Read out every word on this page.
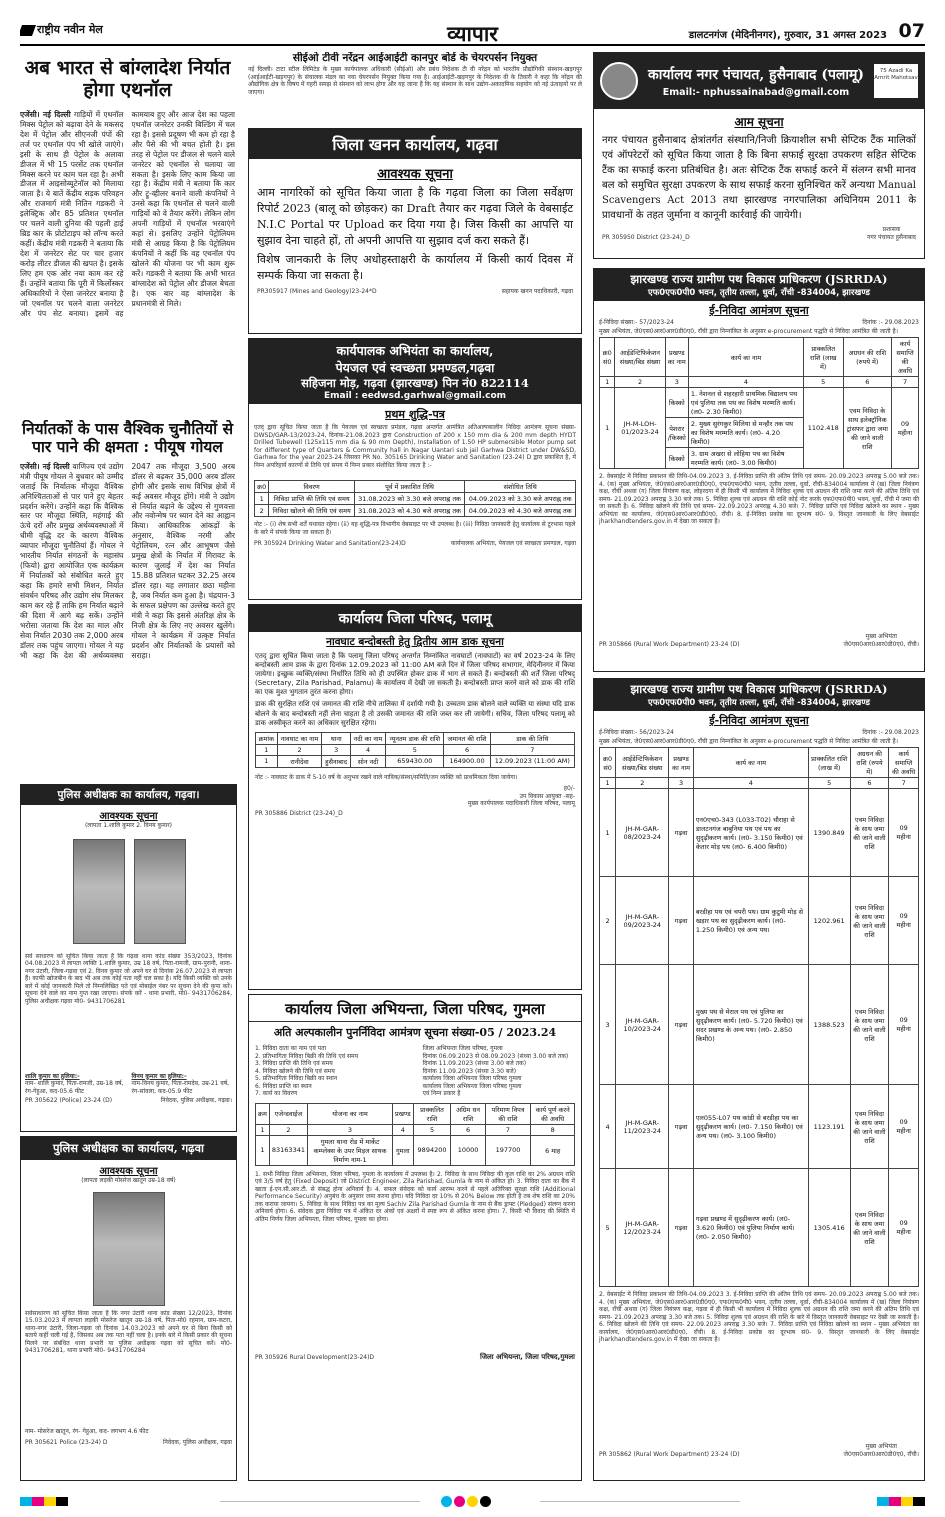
राष्ट्रीय नवीन मेल	व्यापार	डालटनगंज (मेदिनीनगर), गुरुवार, 31 अगस्त 2023 07
अब भारत से बांग्लादेश निर्यात होगा एथनॉल
एजेंसी। नई दिल्ली गाड़ियों में एथनॉल मिक्स पेट्रोल को बढ़ावा देने के मकसद देश में पेट्रोल और सीएनजी पंपों की तर्ज पर एथनॉल पंप भी खोले जाएंगे। इसी के साथ ही पेट्रोल के अलावा डीजल में भी 15 परसेंट तक एथनॉल मिक्स करने पर काम चल रहा है। अभी डीजल में आइसोब्यूटेनॉल को मिलाया जाता है। ये बातें केंद्रीय सड़क परिवहन और राजमार्ग मंत्री नितिन गडकरी ने इलेक्ट्रिक और 85 प्रतिशत एथनॉल पर चलने वाली दुनिया की पहली हाई ब्रिड कार के प्रोटोटाइप को लॉन्च करते कहीं। केंद्रीय मंत्री गडकरी ने बताया कि देश में जनरेटर सेट पर चार हजार करोड़ लीटर डीजल की खपत है। इसके लिए हम एक ओर नया काम कर रहे हैं। उन्होंने बताया कि पूरी में किर्लोस्कर अधिकारियों ने ऐसा जनरेटर बनाया है जो एथनॉल पर चलने वाला जनरेटर और पंप सेट बनाया। इसमें वह कामयाब हुए और आज देश का पहला एथनॉल जनरेटर उनकी बिल्डिंग में चल रहा है। इससे प्रदूषण भी कम हो रहा है और पैसे की भी बचत होती है। इस तरह से पेट्रोल पर डीजल से चलने वाले जनरेटर को एथनॉल से चलाया जा सकता है। इसके लिए काम किया जा रहा है। केंद्रीय मंत्री ने बताया कि कार और ट्रू-व्हीलर बनाने वाली कंपनियों ने उनसे कहा कि एथनॉल से चलने वाली गाड़ियों को वे तैयार करेंगे। लेकिन लोग अपनी गाड़ियों में एथनॉल भरवाएंगे कहां से। इसलिए उन्होंने पेट्रोलियम मंत्री से आग्रह किया है कि पेट्रोलियम कंपनियों ने कहीं कि वह एथनॉल पंप खोलने की योजना पर भी काम शुरू करें। गडकरी ने बताया कि अभी भारत बांग्लादेश को पेट्रोल और डीजल बेचता है। एक बार वह बांग्लादेश के प्रधानमंत्री से मिले।
निर्यातकों के पास वैश्विक चुनौतियों से पार पाने की क्षमता : पीयूष गोयल
एजेंसी। नई दिल्ली वाणिज्य एवं उद्योग मंत्री पीयूष गोयल ने बुधवार को उम्मीद जताई कि निर्यातक मौजूदा वैश्विक अनिश्चितताओं से पार पाने हुए बेहतर प्रदर्शन करेंगे। उन्होंने कहा कि वैश्विक स्तर पर मौजूदा स्थिति, महंगाई की ऊंचे दरों और प्रमुख अर्थव्यवस्थाओं में धीमी वृद्धि दर के कारण वैश्विक व्यापार मौजूदा चुनौतियां हैं। गोयल ने भारतीय निर्यात संगठनों के महासंघ (फियो) द्वारा आयोजित एक कार्यक्रम में निर्यातकों को संबोधित करते हुए कहा कि हमारे सभी मिशन, निर्यात संवर्धन परिषद और उद्योग संघ मिलकर काम कर रहे हैं ताकि हम निर्यात बढ़ाने की दिशा में आगे बढ़ सकें। उन्होंने भरोसा जताया कि देश का माल और सेवा निर्यात 2030 तक 2,000 अरब डॉलर तक पहुंच जाएगा। गोयल ने यह भी कहा कि देश की अर्थव्यवस्था 2047 तक मौजूदा 3,500 अरब डॉलर से बढ़कर 35,000 अरब डॉलर होगी और इसके साथ विभिन्न क्षेत्रों में कई अवसर मौजूद होंगे। मंत्री ने उद्योग से निर्यात बढ़ाने के उद्देश्य से गुणवत्ता और नवोन्मेष पर ध्यान देने का आह्वान किया। आधिकारिक आंकड़ों के अनुसार, वैश्विक नरमी और पेट्रोलियम, रत्न और आभूषण जैसे प्रमुख क्षेत्रों के निर्यात में गिरावट के कारण जुलाई में देश का निर्यात 15.88 प्रतिशत घटकर 32.25 अरब डॉलर रहा। यह लगातार छठा महीना है, जब निर्यात कम हुआ है। चंद्रयान-3 के सफल प्रक्षेपण का उल्लेख करते हुए मंत्री ने कहा कि इससे अंतरिक्ष क्षेत्र के निजी क्षेत्र के लिए नए अवसर खुलेंगे। गोयल ने कार्यक्रम में उत्कृष्ट निर्यात प्रदर्शन और निर्यातकों के प्रयासों को सराहा।
पुलिस अधीक्षक का कार्यालय, गढ़वा।
आवश्यक सूचना
(लापता 1.शालि कुमार 2. विनय कुमार)
सर्व साधारण को सूचित किया जाता है कि गढ़वा थाना कांड संख्या 353/2023, दिनांक 04.08.2023 में लापता व्यक्ति 1.शालि कुमार, उम्र 18 वर्ष, पिता-रामजी, ग्राम-पुरानी, थाना-नगर उंटारी, जिला-गढ़वा एवं 2. विनय कुमार जो अपने घर से दिनांक 26.07.2023 से लापता हैं। काफी खोजबीन के बाद भी अब तक कोई पता नहीं चल सका है। यदि किसी व्यक्ति को उनके बारे में कोई जानकारी मिले तो निम्नलिखित पते एवं मोबाईल नंबर पर सूचना देने की कृपा करें। सूचना देने वाले का नाम गुप्त रखा जाएगा। संपर्क करें - थाना प्रभारी, मो0- 9431706284, पुलिस अधीक्षक गढ़वा मो0- 9431706281
शालि कुमार का हुलिया:-
नाम- शालि कुमार, पिता-रामजी, उम्र-18 वर्ष, रंग-गेहुआ, कद-05.6 फीट
विनय कुमार का हुलिया:-
नाम-विनय कुमार, पिता-रामदेव, उम्र-21 वर्ष, रंग-सांवला, कद-05.9 फीट
PR 305622 (Police) 23-24 (D)	निवेदक, पुलिस अधीक्षक, गढ़वा।
पुलिस अधीक्षक का कार्यालय, गढ़वा
आवश्यक सूचना
(लापता लड़की मोसरेज खातून उम्र-18 वर्ष)
सर्वसाधारण को सूचित किया जाता है कि नगर उंटारी थाना कांड संख्या 12/2023, दिनांक 15.03.2023 में लापता लड़की मोसरेज खातून उम्र-18 वर्ष, पिता-मो0 रहमान, ग्राम-कटरा, थाना-नगर उंटारी, जिला-गढ़वा जो दिनांक 14.03.2023 को अपने घर से बिना किसी को बताये कहीं चली गई है, जिसका अब तक पता नहीं चला है। इनके बारे में किसी प्रकार की सूचना मिलने पर संबंधित थाना प्रभारी या पुलिस अधीक्षक गढ़वा को सूचित करें। मो0- 9431706281, थाना प्रभारी मो0- 9431706284
नाम- मोसरेज खातून, रंग- गेहुआ, कद- लगभग 4.6 फीट
PR 305621 Police (23-24) D	निवेदक, पुलिस अधीक्षक, गढ़वा
सीईओ टीवी नरेंद्रन आईआईटी कानपुर बोर्ड के चेयरपर्सन नियुक्त
नई दिल्ली। टाटा स्टील लिमिटेड के मुख्य कार्यपालक अधिकारी (सीईओ) और प्रबंध निदेशक टी वी नरेंद्रन को भारतीय प्रौद्योगिकी संस्थान-खड़गपुर (आईआईटी-खड़गपुर) के संचालक मंडल का नया चेयरपर्सन नियुक्त किया गया है। आईआईटी-खड़गपुर के निदेशक वी के तिवारी ने कहा कि नरेंद्रन की औद्योगिक क्षेत्र के विषय में गहरी समझ से संस्थान को लाभ होगा और यह जाना हैं कि यह संस्थान के साथ उद्योग-अकादमिक सहयोग को नई ऊंचाइयों पर ले जाएगा।
जिला खनन कार्यालय, गढ़वा
आवश्यक सूचना
आम नागरिकों को सूचित किया जाता है कि गढ़वा जिला का जिला सर्वेक्षण रिपोर्ट 2023 (बालू को छोड़कर) का Draft तैयार कर गढ़वा जिले के वेबसाईट N.I.C Portal पर Upload कर दिया गया है। जिस किसी का आपत्ति या सुझाव देना चाहते हों, तो अपनी आपत्ति या सुझाव दर्ज करा सकते हैं।
विशेष जानकारी के लिए अधोहस्ताक्षरी के कार्यालय में किसी कार्य दिवस में सम्पर्क किया जा सकता है।
PR305917 (Mines and Geology)23-24*D	सहायक खनन पदाधिकारी, गढ़वा
कार्यपालक अभियंता का कार्यालय,
पेयजल एवं स्वच्छता प्रमण्डल,गढ़वा
सहिजना मोड़, गढ़वा (झारखण्ड) पिन नं0 822114
Email : eedwsd.garhwal@gmail.com
प्रथम शुद्धि-पत्र
एतद् द्वारा सूचित किया जाता है कि पेयजल एवं स्वच्छता प्रमंडल, गढ़वा अन्तर्गत आमंत्रित अतिअल्पकालीन निविदा आमंत्रण सूचना संख्या-DWSD/GAR-13/2023-24, दिनांक-21.08.2023 द्वारा Construction of 200 x 150 mm dia & 200 mm depth HYDT Drilled Tubewell (125x115 mm dia & 90 mm Depth), Installation of 1.50 HP submersible Motor pump set for different type of Quarters & Community hall in Nagar Uantari sub jail Garhwa District under DW&SD, Garhwa for the year 2023-24 जिसका PR No. 305165 Drinking Water and Sanitation (23-24) D द्वारा प्रकाशित है, में निम्न अपरिहार्य कारणों से तिथि एवं समय में निम्न प्रकार संशोधित किया जाता है :-
क्र0	विवरण	पूर्व में प्रकाशित तिथि	संशोधित तिथि
1	निविदा प्राप्ति की तिथि एवं समय	31.08.2023 को 3.30 बजे अपराह्न तक	04.09.2023 को 3.30 बजे अपराह्न तक
2	निविदा खोलने की तिथि एवं समय	31.08.2023 को 4.30 बजे अपराह्न तक	04.09.2023 को 4.30 बजे अपराह्न तक
नोट :- (i) शेष सभी शर्तें यथावत रहेगा। (ii) यह शुद्धि-पत्र विभागीय वेबसाइट पर भी उपलब्ध है। (iii) निविदा जानकारी हेतु कार्यालय से टूरभास पहले के बारे में संपर्क किया जा सकता है।
PR 305924 Drinking Water and Sanitation(23-24)D	कार्यपालक अभियंता, पेयजल एवं स्वच्छता प्रमण्डल, गढ़वा
कार्यालय जिला परिषद, पलामू
नावघाट बन्दोबस्ती हेतु द्वितीय आम डाक सूचना
एतद् द्वारा सूचित किया जाता है कि पलामू जिला परिषद् अन्तर्गत निम्नांकित नावघाटों (नावघाटों) का वर्ष 2023-24 के लिए बन्दोबस्ती आम डाक के द्वारा दिनांक 12.09.2023 को 11:00 AM बजे दिन में जिला परिषद सभागार, मेदिनीनगर में किया जायेगा। इच्छुक व्यक्ति/संस्था निर्धारित तिथि को ही उपस्थित होकर डाक में भाग ले सकते हैं। बन्दोबस्ती की शर्तें जिला परिषद् (Secretary, Zila Parishad, Palamu) के कार्यालय में देखी जा सकती है। बन्दोबस्ती प्राप्त करने वाले को डाक की राशि का एक मुश्त भुगतान तुरंत करना होगा।
डाक की सुरक्षित राशि एवं जमानत की राशि नीचे तालिका में दर्शायी गयी है। उच्चतम डाक बोलने वाले व्यक्ति या संस्था यदि डाक बोलने के बाद बन्दोबस्ती नहीं लेना चाहता है तो उसकी जमानत की राशि जब्त कर ली जायेगी। सचिव, जिला परिषद पलामू को डाक अस्वीकृत करने का अधिकार सुरक्षित रहेगा।
क्रमांक	नावघाट का नाम	थाना	नदी का नाम	न्यूनतम डाक की राशि	जमानत की राशि	डाक की तिथि
1	2	3	4	5	6	7
1	रानीदेवा	हुसैनाबाद	सोन नदी	659430.00	164900.00	12.09.2023 (11:00 AM)
नोट :- नावघाट के डाक में 5-10 वर्ष के अनुभव रखने वाले नाविक/संस्था/समिति/जन व्यक्ति को प्राथमिकता दिया जायेगा।
ह0/-
उप विकास आयुक्त -सह-
मुख्य कार्यपालक पदाधिकारी जिला परिषद, पलामू
PR 305886 District (23-24)_D
कार्यालय जिला अभियन्ता, जिला परिषद, गुमला
अति अल्पकालीन पुनर्निविदा आमंत्रण सूचना संख्या-05 / 2023.24
1. निविदा दाता का नाम एवं पता	जिला अभियन्ता जिला परिषद, गुमला
2. प्रतिभागिता निविदा बिक्री की तिथि एवं समय	दिनांक 06.09.2023 से 08.09.2023 (संध्या 3.00 बजे तक)
3. निविदा प्राप्ति की तिथि एवं समय	दिनांक 11.09.2023 (संध्या 3.00 बजे तक)
4. निविदा खोलने की तिथि एवं समय	दिनांक 11.09.2023 (संध्या 3.30 बजे)
5. प्रतिभागिता निविदा बिक्री का स्थान	कार्यालय जिला अभियन्ता जिला परिषद गुमला
6. निविदा प्राप्ति का स्थान	कार्यालय जिला अभियन्ता जिला परिषद गुमला
7. कार्य का विवरण	एवं निम्न प्रकार है
क्रम	एजेन्डवाईज	योजना का नाम	प्रखण्ड	प्राक्कलित राशि	अग्रिम धन राशि	परिमाण विपत्र की राशि	कार्य पूर्ण करने की अवधि
1	2	3	4	5	6	7	8
1	83163341	गुमला थाना रोड में मार्केट कम्प्लेक्स के उपर मिड़ल सायक निर्माण नाम-1	गुमला	9894200	10000	197700	6 माह
1. सभी निविदा जिला अभियन्ता, जिला परिषद, गुमला के कार्यालय में उपलब्ध है। 2. निविदा के साथ निविदा की कुल राशि का 2% अग्रधन राशि एवं 3/5 वर्ष हेतु (Fixed Deposit) जो District Engineer, Zila Parishad, Gumla के नाम से अंकित हो। 3. निविदा दाता का बैंक में खाता ई-एन.सी.आर.टी. से संबद्ध होना अनिवार्य है। 4. सफल संवेदक को कार्य आरम्भ करने से पहले अतिरिक्त सुरक्षा राशि (Additional Performance Security) अनुबंध के अनुसार जमा करना होगा। यदि निविदा दर 10% से 20% Below तक होती है तब शेष राशि का 20% तक कराया जायगा। 5. निविदा के साथ निविदा पत्र का मूल्य Sachiv Zila Parishad Gumla के नाम से बैंक ड्राफ्ट (Pledged) संलग्न करना अनिवार्य होगा। 6. संवेदक द्वारा निविदा पत्र में अंकित दर अंकों एवं अक्षरों में स्पष्ट रूप से अंकित करना होगा। 7. किसी भी विवाद की स्थिति में अंतिम निर्णय जिला अभियन्ता, जिला परिषद, गुमला का होगा।
PR 305926 Rural Development(23-24)D	जिला अभियन्ता, जिला परिषद,गुमला
कार्यालय नगर पंचायत, हुसैनाबाद (पलामू)
Email:- nphussainabad@gmail.com
75 Azadi Ka Amrit Mahotsav
आम सूचना
नगर पंचायत हुसैनाबाद क्षेत्रांतर्गत संस्थानि/निजी क्रियाशील सभी सेप्टिक टैंक मालिकों एवं ऑपरेटरों को सूचित किया जाता है कि बिना सफाई सुरक्षा उपकरण सहित सेप्टिक टैंक का सफाई करना प्रतिबंधित है। अतः सेप्टिक टैंक सफाई करने में संलग्न सभी मानव बल को समुचित सुरक्षा उपकरण के साथ सफाई करना सुनिश्चित करें अन्यथा Manual Scavengers Act 2013 तथा झारखण्ड नगरपालिका अधिनियम 2011 के प्रावधानों के तहत जुर्माना व कानूनी कार्रवाई की जायेगी।
PR 305950 District (23-24)_D
प्रशासक
नगर पंचायत हुसैनाबाद
झारखण्ड राज्य ग्रामीण पथ विकास प्राधिकरण (JSRRDA)
एफ0एफ0पी0 भवन, तृतीय तल्ला, धुर्वा, राँची -834004, झारखण्ड
ई-निविदा आमंत्रण सूचना
ई-निविदा संख्या:- 57/2023-24	दिनांक :- 29.08.2023
मुख्य अभियंता, जे0एस0आर0आर0डी0ए0, राँची द्वारा निम्नांकित के अनुसार e-procurement पद्धति से निविदा आमंत्रित की जाती है।
क्र0 सं0	आईडेन्टिफिकेशन संख्या/बिड संख्या	प्रखण्ड का नाम	कार्य का नाम	प्राक्कलित राशि (लाख में)	अग्रधन की राशि (रुपये में)	कार्य समाप्ति की अवधि
1	2	3	4	5	6	7
1	JH-M-LOH-01/2023-24	किस्को	1. नेशनल से शहरहारी प्राथमिक विद्यालय पथ एवं पुलिया तक पथ का विशेष मरम्मति कार्य। (ल0- 2.30 किमी0)	1102.418	एवम निविदा के साथ इलेक्ट्रॉनिक ट्रांसफर द्वारा जमा की जाने वाली राशि	09 महीना
		पेशरार /किस्को	2. मुख्य सुरंगकुर मिलिया से मन्हौर तक पथ का विशेष मरम्मति कार्य। (ल0- 4.20 किमी0)			
		किस्को	3. ग्राम अखरा से लोहिया पथ का विशेष मरम्मति कार्य। (ल0- 3.00 किमी0)			
2. वेबसाईट में निविदा प्रकाशन की तिथि-04.09.2023 3. ई-निविदा प्राप्ति की अंतिम तिथि एवं समय- 20.09.2023 अपराह्न 5.00 बजे तक। 4. (क) मुख्य अभियंता, जे0एस0आर0आर0डी0ए0, एफ0एफ0पी0 भवन, तृतीय तल्ला, धुर्वा, राँची-834004 कार्यालय में (ख) जिला नियंत्रण कक्ष, राँची अथवा (ग) जिला नियंत्रण कक्ष, लोहरदगा में ही किसी भी कार्यालय में निविदा शुल्क एवं अग्रधन की राशि जमा करने की अंतिम तिथि एवं समय- 21.09.2023 अपराह्न 3.30 बजे तक। 5. निविदा शुल्क एवं अग्रधन की राशि कोई नोट करके एफ0एफ0पी0 भवन, धुर्वा, राँची में जमा की जा सकती है। 6. निविदा खोलने की तिथि एवं समय- 22.09.2023 अपराह्न 4.30 बजे। 7. निविदा प्राप्ति एवं निविदा खोलने का स्थान - मुख्य अभियंता का कार्यालय, जे0एस0आर0आर0डी0ए0, राँची। 8. ई-निविदा प्रकोष्ठ का दूरभाष सं0- 9. विस्तृत जानकारी के लिए वेबसाईट jharkhandtenders.gov.in में देखा जा सकता है।
PR 305866 (Rural Work Department) 23-24 (D)
मुख्य अभियंता
जे0एस0आर0आर0डी0ए0, राँची।
झारखण्ड राज्य ग्रामीण पथ विकास प्राधिकरण (JSRRDA)
एफ0एफ0पी0 भवन, तृतीय तल्ला, धुर्वा, राँची -834004, झारखण्ड
ई-निविदा आमंत्रण सूचना
ई-निविदा संख्या:- 56/2023-24	दिनांक :- 29.08.2023
मुख्य अभियंता, जे0एस0आर0आर0डी0ए0, राँची द्वारा निम्नांकित के अनुसार e-procurement पद्धति से निविदा आमंत्रित की जाती है।
क्र0 सं0	आईडेन्टिफिकेशन संख्या/बिड संख्या	प्रखण्ड का नाम	कार्य का नाम	प्राक्कलित राशि (लाख में)	अग्रधन की राशि (रुपये में)	कार्य समाप्ति की अवधि
1	2	3	4	5	6	7
1	JH-M-GAR-08/2023-24	गढ़वा	एन0एच0-343 (L033-T02) चौराहा से डालटनगंज बाबुनिया पथ एवं पथ का सुदृढ़ीकरण कार्य। (ल0- 3.150 किमी0) एवं केतार मोड़ पथ (ल0- 6.400 किमी0)	1390.849	एवम निविदा के साथ जमा की जाने वाली राशि	09 महीना
2	JH-M-GAR-09/2023-24	गढ़वा	बरडीहा पथ एवं चपरी पथ। ग्राम कुटुमी मोड़ से खड़ार पथ का सुदृढ़ीकरण कार्य। (ल0- 1.250 किमी0) एवं अन्य पथ।	1202.961	एवम निविदा के साथ जमा की जाने वाली राशि	09 महीना
3	JH-M-GAR-10/2023-24	गढ़वा	मुख्य पथ से मेराल पथ एवं पुलिया का सुदृढ़ीकरण कार्य। (ल0- 5.720 किमी0) एवं सदर प्रखण्ड के अन्य पथ। (ल0- 2.850 किमी0)	1388.523	एवम निविदा के साथ जमा की जाने वाली राशि	09 महीना
4	JH-M-GAR-11/2023-24	गढ़वा	एल055-L07 पथ कांडी से बरडीहा पथ का सुदृढ़ीकरण कार्य। (ल0- 7.150 किमी0) एवं अन्य पथ। (ल0- 3.100 किमी0)	1123.191	एवम निविदा के साथ जमा की जाने वाली राशि	09 महीना
5	JH-M-GAR-12/2023-24	गढ़वा	गढ़वा प्रखण्ड में सुदृढ़ीकरण कार्य। (ल0- 3.620 किमी0) एवं पुलिया निर्माण कार्य। (ल0- 2.050 किमी0)	1305.416	एवम निविदा के साथ जमा की जाने वाली राशि	09 महीना
2. वेबसाईट में निविदा प्रकाशन की तिथि-04.09.2023 3. ई-निविदा प्राप्ति की अंतिम तिथि एवं समय- 20.09.2023 अपराह्न 5.00 बजे तक। 4. (क) मुख्य अभियंता, जे0एस0आर0आर0डी0ए0, एफ0एफ0पी0 भवन, तृतीय तल्ला, धुर्वा, राँची-834004 कार्यालय में (ख) जिला नियंत्रण कक्ष, राँची अथवा (ग) जिला नियंत्रण कक्ष, गढ़वा में ही किसी भी कार्यालय में निविदा शुल्क एवं अग्रधन की राशि जमा करने की अंतिम तिथि एवं समय- 21.09.2023 अपराह्न 3.30 बजे तक। 5. निविदा शुल्क एवं अग्रधन की राशि के बारे में विस्तृत जानकारी वेबसाइट पर देखी जा सकती है। 6. निविदा खोलने की तिथि एवं समय- 22.09.2023 अपराह्न 3.30 बजे। 7. निविदा प्राप्ति एवं निविदा खोलने का स्थान - मुख्य अभियंता का कार्यालय, जे0एस0आर0आर0डी0ए0, राँची। 8. ई-निविदा प्रकोष्ठ का दूरभाष सं0- 9. विस्तृत जानकारी के लिए वेबसाईट jharkhandtenders.gov.in में देखा जा सकता है।
PR 305862 (Rural Work Department) 23-24 (D)
मुख्य अभियंता
जे0एस0आर0आर0डी0ए0, राँची।
